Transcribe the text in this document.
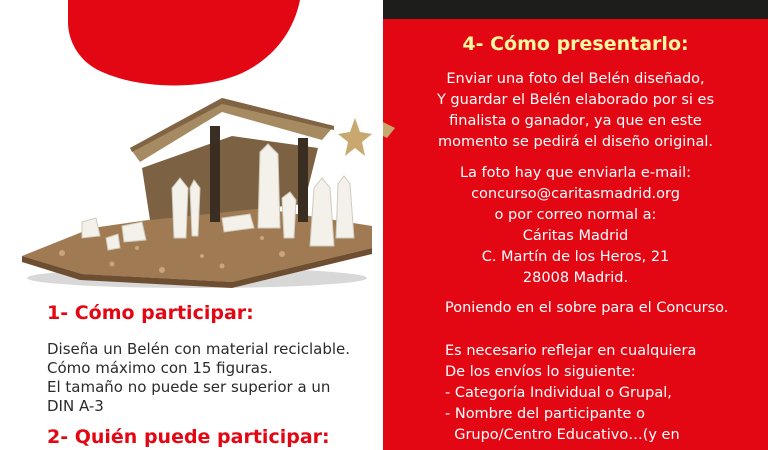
1- Cómo participar:
Diseña un Belén con material reciclable.
Cómo máximo con 15 figuras.
El tamaño no puede ser superior a un
DIN A-3
2- Quién puede participar:
4- Cómo presentarlo:
Enviar una foto del Belén diseñado,
Y guardar el Belén elaborado por si es
finalista o ganador, ya que en este
momento se pedirá el diseño original.
La foto hay que enviarla e-mail:
concurso@caritasmadrid.org
o por correo normal a:
Cáritas Madrid
C. Martín de los Heros, 21
28008 Madrid.
Poniendo en el sobre para el Concurso.
Es necesario reflejar en cualquiera
De los envíos lo siguiente:
- Categoría Individual o Grupal,
- Nombre del participante o
Grupo/Centro Educativo…(y en
